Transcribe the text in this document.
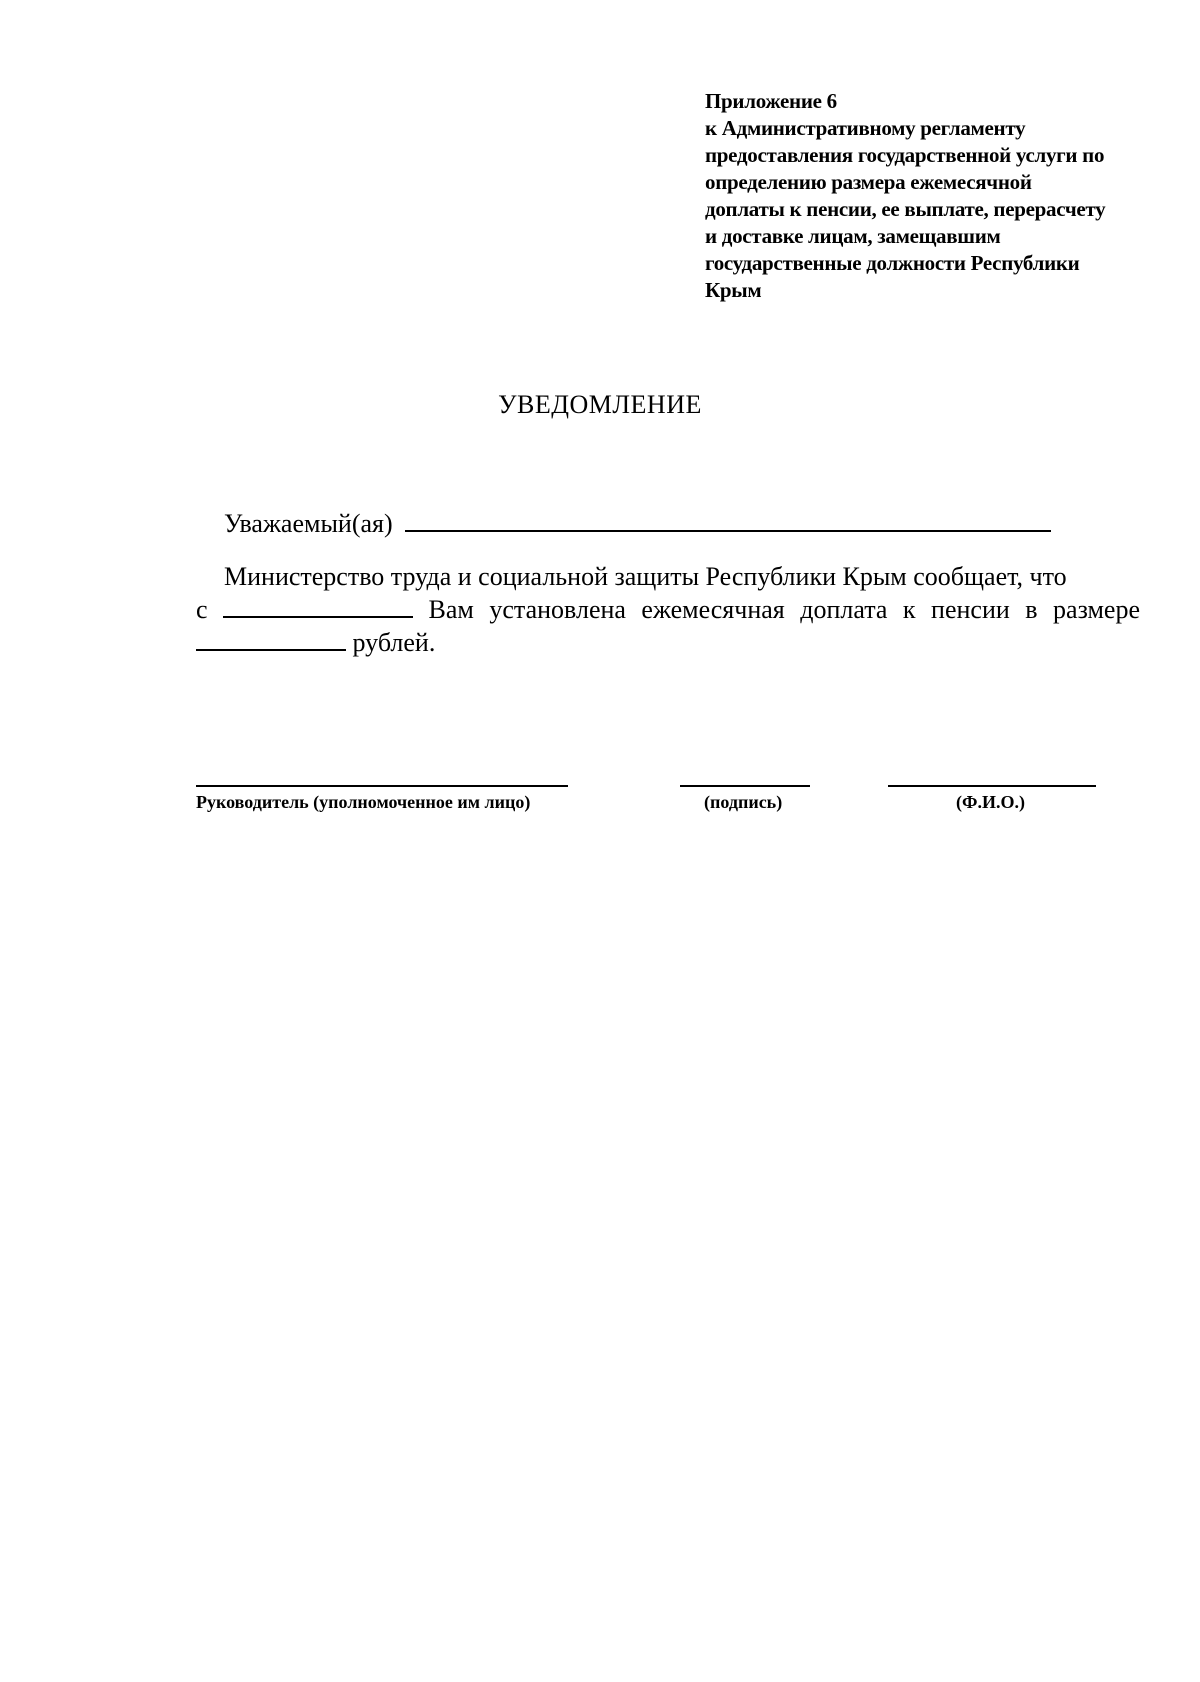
Приложение 6
к Административному регламенту
предоставления государственной услуги по
определению размера ежемесячной
доплаты к пенсии, ее выплате, перерасчету
и доставке лицам, замещавшим
государственные должности Республики
Крым
УВЕДОМЛЕНИЕ
Уважаемый(ая)
Министерство труда и социальной защиты Республики Крым сообщает, что
с	Вам установлена ежемесячная доплата к пенсии в размере
рублей.
Руководитель (уполномоченное им лицо)	(подпись)	(Ф.И.О.)
